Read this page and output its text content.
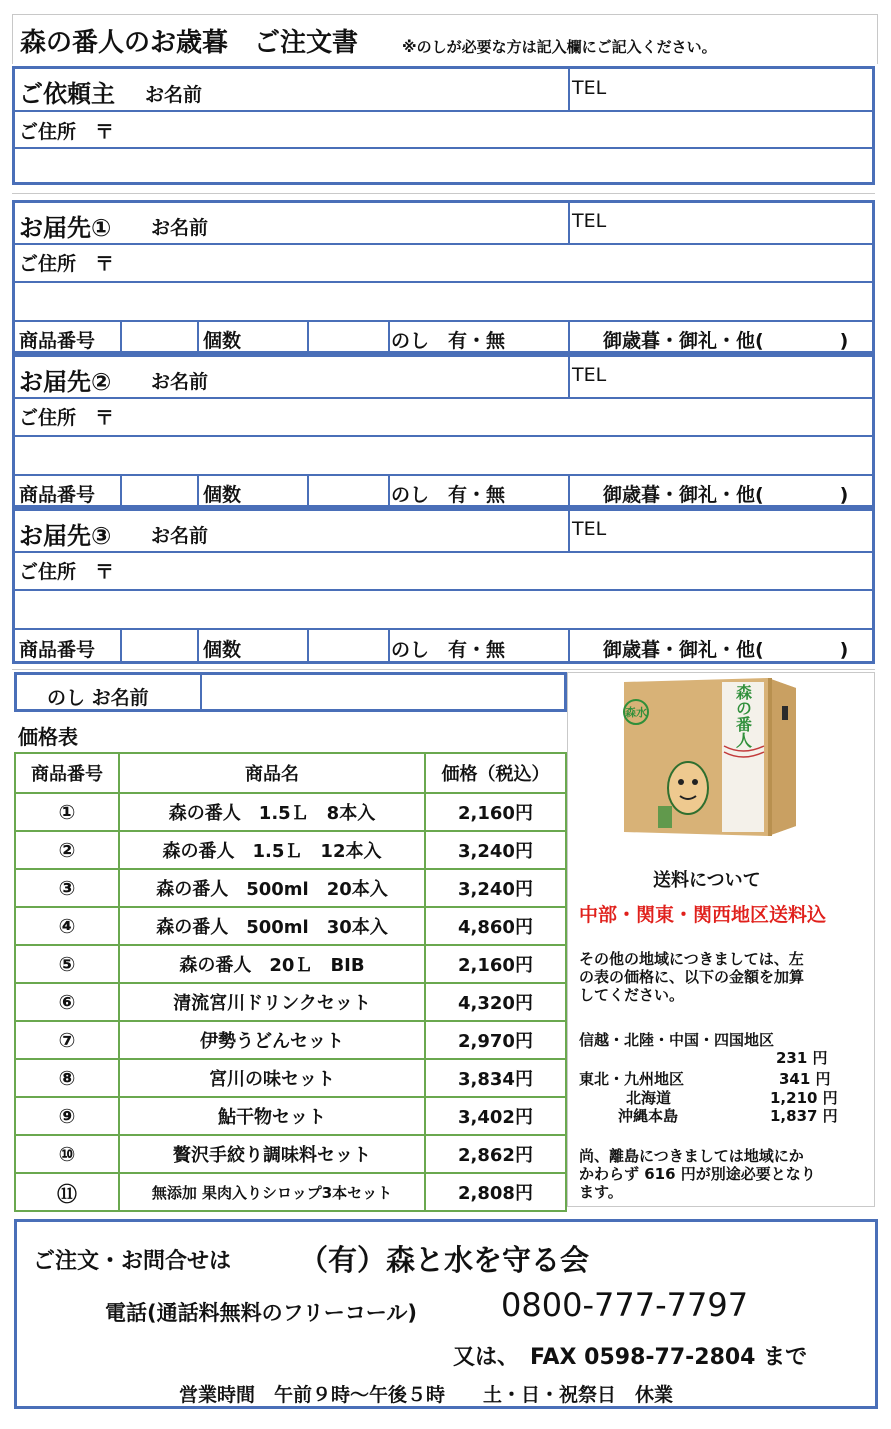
森の番人のお歳暮　ご注文書	※のしが必要な方は記入欄にご記入ください。
ご依頼主 お名前	TEL
ご住所　〒
お届先① お名前	TEL
ご住所　〒
商品番号	個数	のし　有・無	御歳暮・御礼・他(　　　　)
お届先② お名前	TEL
ご住所　〒
商品番号	個数	のし　有・無	御歳暮・御礼・他(　　　　)
お届先③ お名前	TEL
ご住所　〒
商品番号	個数	のし　有・無	御歳暮・御礼・他(　　　　)
のし お名前
価格表
商品番号	商品名	価格（税込）
①	森の番人　1.5Ｌ　8本入	2,160円
②	森の番人　1.5Ｌ　12本入	3,240円
③	森の番人　500ml　20本入	3,240円
④	森の番人　500ml　30本入	4,860円
⑤	森の番人　20Ｌ　BIB	2,160円
⑥	清流宮川ドリンクセット	4,320円
⑦	伊勢うどんセット	2,970円
⑧	宮川の味セット	3,834円
⑨	鮎干物セット	3,402円
⑩	贅沢手絞り調味料セット	2,862円
⑪	無添加 果肉入りシロップ3本セット	2,808円
森水	森の番人
送料について
中部・関東・関西地区送料込
その他の地域につきましては、左
の表の価格に、以下の金額を加算
してください。
信越・北陸・中国・四国地区
231 円
東北・九州地区	341 円
北海道	1,210 円
沖縄本島	1,837 円
尚、離島につきましては地域にか
かわらず 616 円が別途必要となり
ます。
ご注文・お問合せは （有）森と水を守る会
電話(通話料無料のフリーコール)	0800-777-7797
又は、　FAX 0598-77-2804 まで
営業時間　午前９時～午後５時　　土・日・祝祭日　休業
